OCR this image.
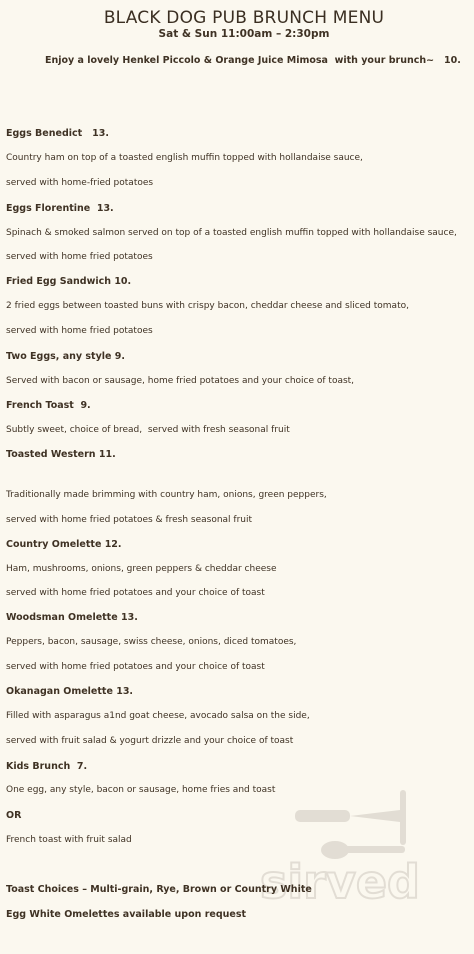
BLACK DOG PUB BRUNCH MENU
Sat & Sun 11:00am – 2:30pm
Enjoy a lovely Henkel Piccolo & Orange Juice Mimosa  with your brunch~   10.
Eggs Benedict   13.
Country ham on top of a toasted english muffin topped with hollandaise sauce,
served with home-fried potatoes
Eggs Florentine  13.
Spinach & smoked salmon served on top of a toasted english muffin topped with hollandaise sauce,
served with home fried potatoes
Fried Egg Sandwich 10.
2 fried eggs between toasted buns with crispy bacon, cheddar cheese and sliced tomato,
served with home fried potatoes
Two Eggs, any style 9.
Served with bacon or sausage, home fried potatoes and your choice of toast,
French Toast  9.
Subtly sweet, choice of bread,  served with fresh seasonal fruit
Toasted Western 11.
Traditionally made brimming with country ham, onions, green peppers,
served with home fried potatoes & fresh seasonal fruit
Country Omelette 12.
Ham, mushrooms, onions, green peppers & cheddar cheese
served with home fried potatoes and your choice of toast
Woodsman Omelette 13.
Peppers, bacon, sausage, swiss cheese, onions, diced tomatoes,
served with home fried potatoes and your choice of toast
Okanagan Omelette 13.
Filled with asparagus a1nd goat cheese, avocado salsa on the side,
served with fruit salad & yogurt drizzle and your choice of toast
Kids Brunch  7.
One egg, any style, bacon or sausage, home fries and toast
OR
French toast with fruit salad
Toast Choices – Multi-grain, Rye, Brown or Country White
Egg White Omelettes available upon request
sirved
